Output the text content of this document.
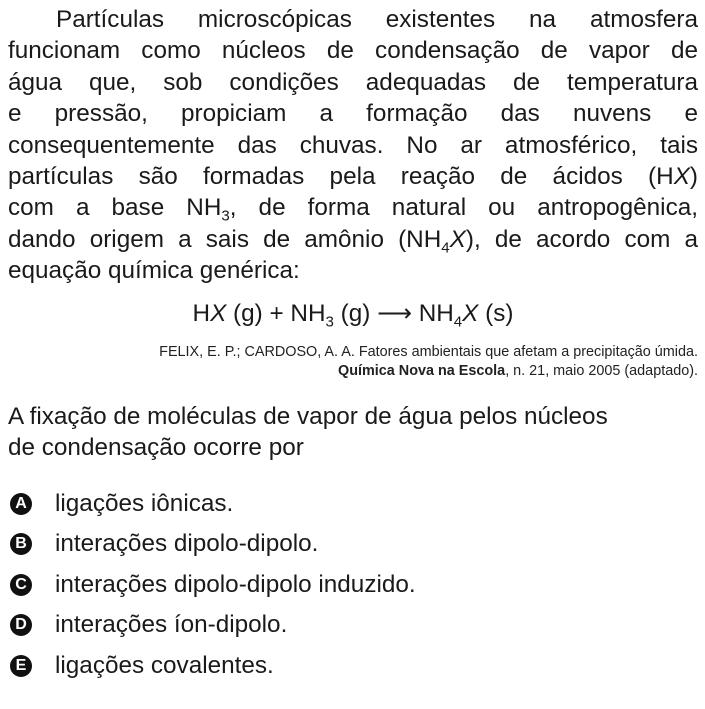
Partículas microscópicas existentes na atmosfera
funcionam como núcleos de condensação de vapor de
água que, sob condições adequadas de temperatura
e pressão, propiciam a formação das nuvens e
consequentemente das chuvas. No ar atmosférico, tais
partículas são formadas pela reação de ácidos (HX)
com a base $NH_3$, de forma natural ou antropogênica,
dando origem a sais de amônio $(NH_4X)$, de acordo com a
equação química genérica:
HX $(g) + NH_3$ (g) ⟶ $NH_4X$ (s)
FELIX, E. P.; CARDOSO, A. A. Fatores ambientais que afetam a precipitação úmida.
Química Nova na Escola, n. 21, maio 2005 (adaptado).
A fixação de moléculas de vapor de água pelos núcleos
de condensação ocorre por
A ligações iônicas.
B interações dipolo-dipolo.
C interações dipolo-dipolo induzido.
D interações íon-dipolo.
E ligações covalentes.
